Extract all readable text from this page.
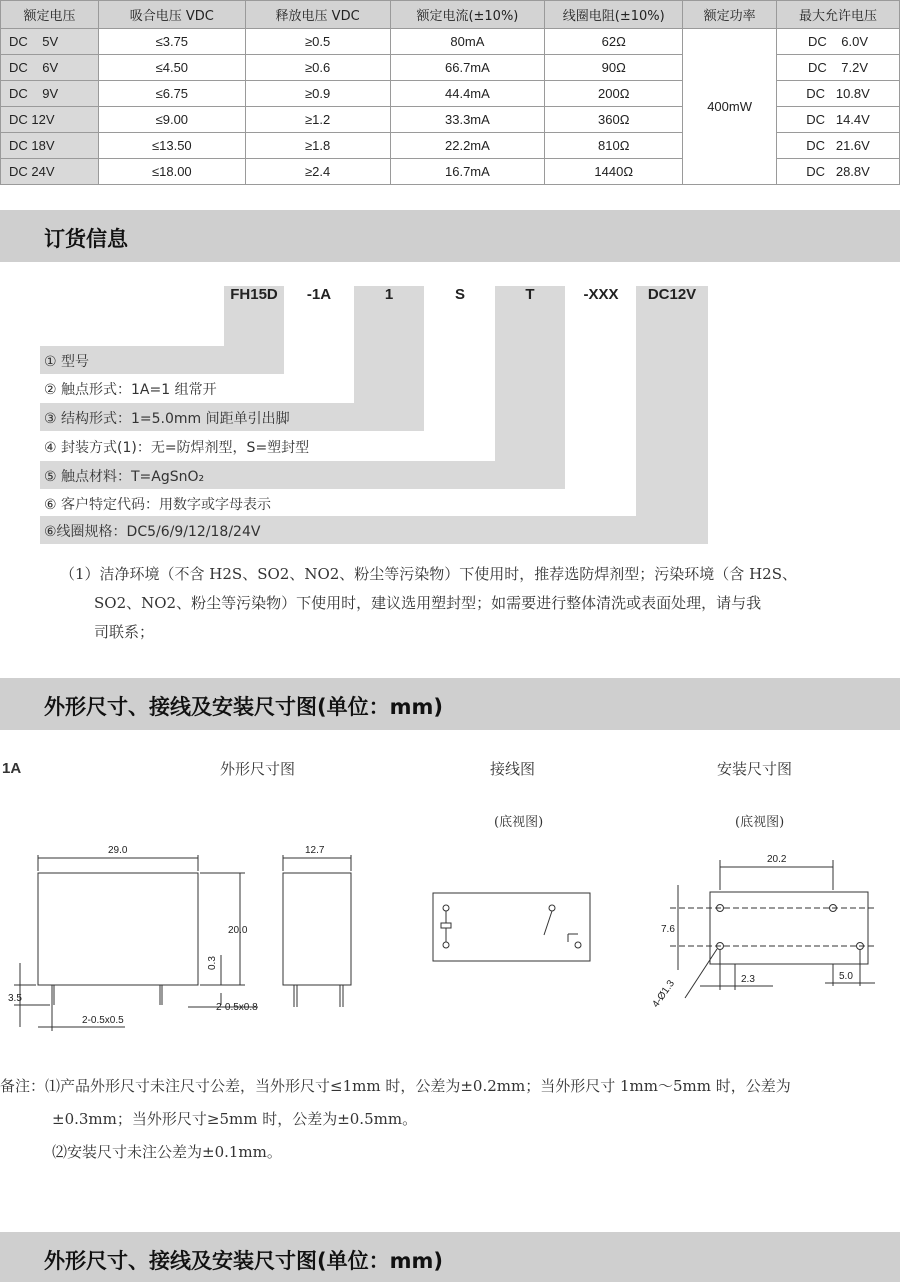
额定电压	吸合电压 VDC	释放电压 VDC	额定电流(±10%)	线圈电阻(±10%)	额定功率	最大允许电压
DC    5V	≤3.75	≥0.5	80mA	62Ω	400mW	DC    6.0V
DC    6V	≤4.50	≥0.6	66.7mA	90Ω		DC    7.2V
DC    9V	≤6.75	≥0.9	44.4mA	200Ω		DC   10.8V
DC 12V	≤9.00	≥1.2	33.3mA	360Ω		DC   14.4V
DC 18V	≤13.50	≥1.8	22.2mA	810Ω		DC   21.6V
DC 24V	≤18.00	≥2.4	16.7mA	1440Ω		DC   28.8V
订货信息
FH15D	-1A	1	S	T	-XXX	DC12V
① 型号
② 触点形式：1A=1 组常开
③ 结构形式：1=5.0mm 间距单引出脚
④ 封装方式(1)：无=防焊剂型，S=塑封型
⑤ 触点材料：T=AgSnO₂
⑥ 客户特定代码：用数字或字母表示
⑥线圈规格：DC5/6/9/12/18/24V
（1）洁净环境（不含 H2S、SO2、NO2、粉尘等污染物）下使用时，推荐选防焊剂型；污染环境（含 H2S、
SO2、NO2、粉尘等污染物）下使用时，建议选用塑封型；如需要进行整体清洗或表面处理，请与我
司联系；
外形尺寸、接线及安装尺寸图(单位：mm)
1A	外形尺寸图	接线图	安装尺寸图
(底视图)	(底视图)
29.0
20.0
12.7
3.5
0.3
2-0.5x0.5
2-0.5x0.8
20.2
7.6
2.3	5.0
4-Ø1.3
备注：⑴产品外形尺寸未注尺寸公差，当外形尺寸≤1mm 时，公差为±0.2mm；当外形尺寸 1mm～5mm 时，公差为
±0.3mm；当外形尺寸≥5mm 时，公差为±0.5mm。
⑵安装尺寸未注公差为±0.1mm。
外形尺寸、接线及安装尺寸图(单位：mm)
